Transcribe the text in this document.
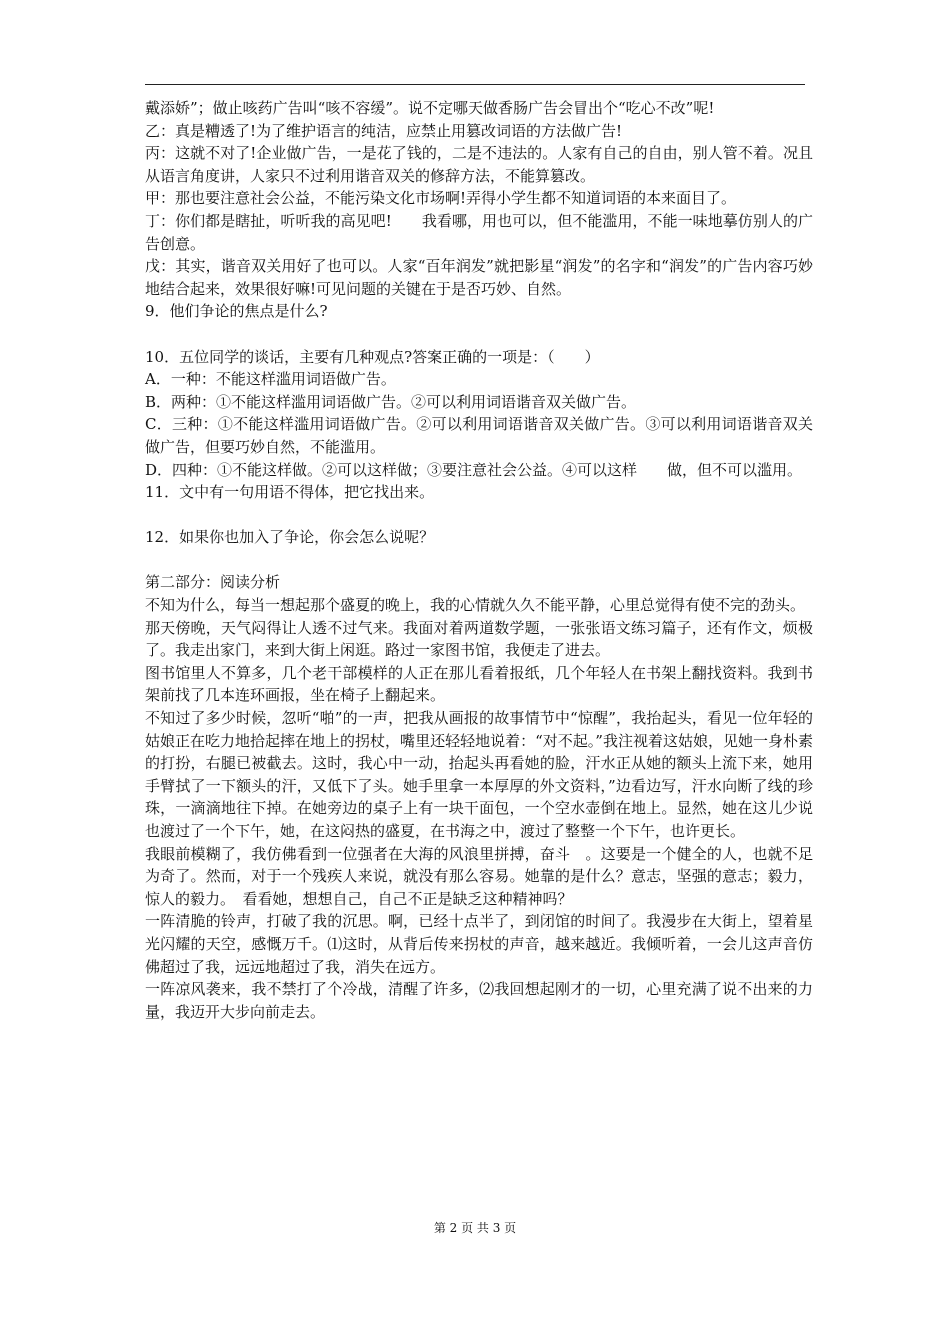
戴添娇”；做止咳药广告叫“咳不容缓”。说不定哪天做香肠广告会冒出个“吃心不改”呢!

乙：真是糟透了!为了维护语言的纯洁，应禁止用篡改词语的方法做广告!

丙：这就不对了!企业做广告，一是花了钱的，二是不违法的。人家有自己的自由，别人管不着。况且从语言角度讲，人家只不过利用谐音双关的修辞方法，不能算篡改。

甲：那也要注意社会公益，不能污染文化市场啊!弄得小学生都不知道词语的本来面目了。

丁：你们都是瞎扯，听听我的高见吧!　　我看哪，用也可以，但不能滥用，不能一味地摹仿别人的广告创意。

戊：其实，谐音双关用好了也可以。人家“百年润发”就把影星“润发”的名字和“润发”的广告内容巧妙地结合起来，效果很好嘛!可见问题的关键在于是否巧妙、自然。

9．他们争论的焦点是什么?

10．五位同学的谈话，主要有几种观点?答案正确的一项是：（　　）

A．一种：不能这样滥用词语做广告。

B．两种：①不能这样滥用词语做广告。②可以利用词语谐音双关做广告。

C．三种：①不能这样滥用词语做广告。②可以利用词语谐音双关做广告。③可以利用词语谐音双关做广告，但要巧妙自然，不能滥用。

D．四种：①不能这样做。②可以这样做；③要注意社会公益。④可以这样　　做，但不可以滥用。

11．文中有一句用语不得体，把它找出来。

12．如果你也加入了争论，你会怎么说呢？

第二部分：阅读分析

不知为什么，每当一想起那个盛夏的晚上，我的心情就久久不能平静，心里总觉得有使不完的劲头。

那天傍晚，天气闷得让人透不过气来。我面对着两道数学题，一张张语文练习篇子，还有作文，烦极了。我走出家门，来到大街上闲逛。路过一家图书馆，我便走了进去。

图书馆里人不算多，几个老干部模样的人正在那儿看着报纸，几个年轻人在书架上翻找资料。我到书架前找了几本连环画报，坐在椅子上翻起来。

不知过了多少时候，忽听“啪”的一声，把我从画报的故事情节中“惊醒”，我抬起头，看见一位年轻的姑娘正在吃力地拾起摔在地上的拐杖，嘴里还轻轻地说着：“对不起。”我注视着这姑娘，见她一身朴素的打扮，右腿已被截去。这时，我心中一动，抬起头再看她的脸，汗水正从她的额头上流下来，她用手臂拭了一下额头的汗，又低下了头。她手里拿一本厚厚的外文资料，”边看边写，汗水向断了线的珍珠，一滴滴地往下掉。在她旁边的桌子上有一块干面包，一个空水壶倒在地上。显然，她在这儿少说也渡过了一个下午，她，在这闷热的盛夏，在书海之中，渡过了整整一个下午，也许更长。

我眼前模糊了，我仿佛看到一位强者在大海的风浪里拼搏，奋斗　。这要是一个健全的人，也就不足为奇了。然而，对于一个残疾人来说，就没有那么容易。她靠的是什么？意志，坚强的意志；毅力，惊人的毅力。　看看她，想想自己，自己不正是缺乏这种精神吗？

一阵清脆的铃声，打破了我的沉思。啊，已经十点半了，到闭馆的时间了。我漫步在大街上，望着星光闪耀的天空，感慨万千。⑴这时，从背后传来拐杖的声音，越来越近。我倾听着，一会儿这声音仿佛超过了我，远远地超过了我，消失在远方。

一阵凉风袭来，我不禁打了个冷战，清醒了许多，⑵我回想起刚才的一切，心里充满了说不出来的力量，我迈开大步向前走去。

第 2 页 共 3 页
